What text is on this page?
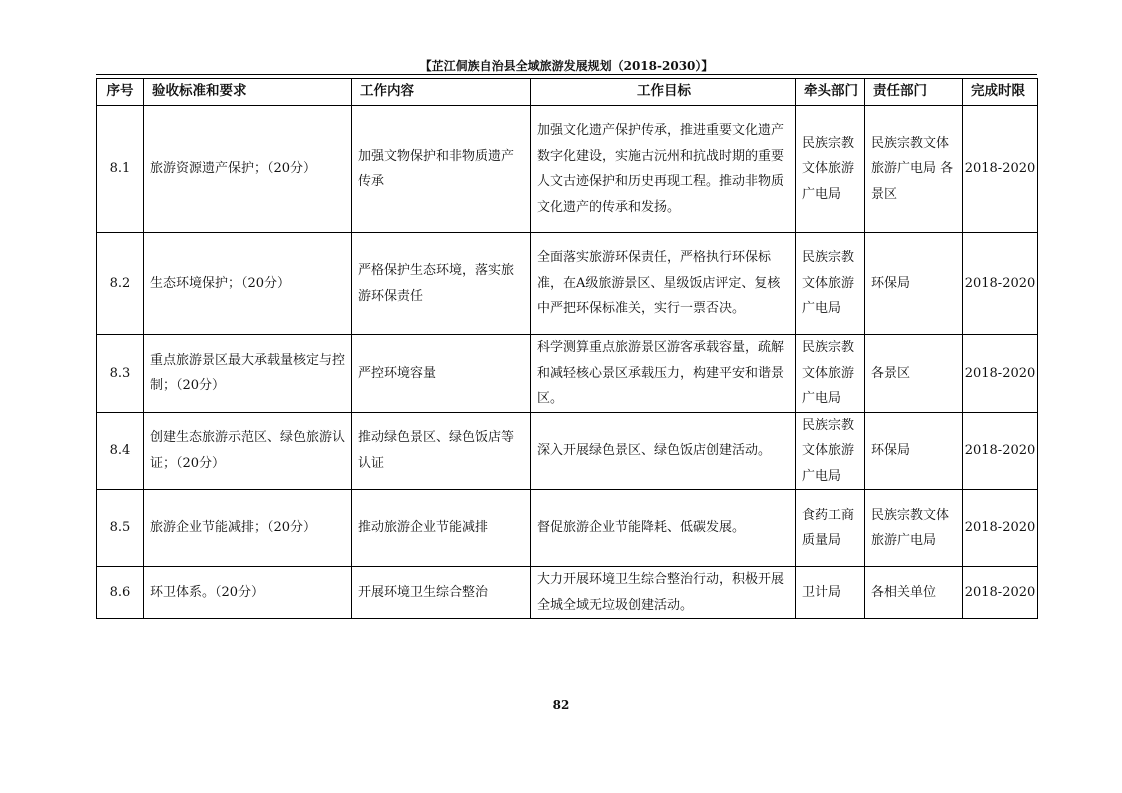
【芷江侗族自治县全域旅游发展规划（2018-2030）】
序号	验收标准和要求	工作内容	工作目标	牵头部门	责任部门	完成时限
8.1	旅游资源遗产保护；（20分）	加强文物保护和非物质遗产传承	加强文化遗产保护传承，推进重要文化遗产数字化建设，实施古沅州和抗战时期的重要人文古迹保护和历史再现工程。推动非物质文化遗产的传承和发扬。	民族宗教文体旅游广电局	民族宗教文体旅游广电局 各景区	2018-2020
8.2	生态环境保护；（20分）	严格保护生态环境，落实旅游环保责任	全面落实旅游环保责任，严格执行环保标准，在A级旅游景区、星级饭店评定、复核中严把环保标准关，实行一票否决。	民族宗教文体旅游广电局	环保局	2018-2020
8.3	重点旅游景区最大承载量核定与控制；（20分）	严控环境容量	科学测算重点旅游景区游客承载容量，疏解和减轻核心景区承载压力，构建平安和谐景区。	民族宗教文体旅游广电局	各景区	2018-2020
8.4	创建生态旅游示范区、绿色旅游认证；（20分）	推动绿色景区、绿色饭店等认证	深入开展绿色景区、绿色饭店创建活动。	民族宗教文体旅游广电局	环保局	2018-2020
8.5	旅游企业节能减排；（20分）	推动旅游企业节能减排	督促旅游企业节能降耗、低碳发展。	食药工商质量局	民族宗教文体旅游广电局	2018-2020
8.6	环卫体系。（20分）	开展环境卫生综合整治	大力开展环境卫生综合整治行动，积极开展全城全域无垃圾创建活动。	卫计局	各相关单位	2018-2020
82
